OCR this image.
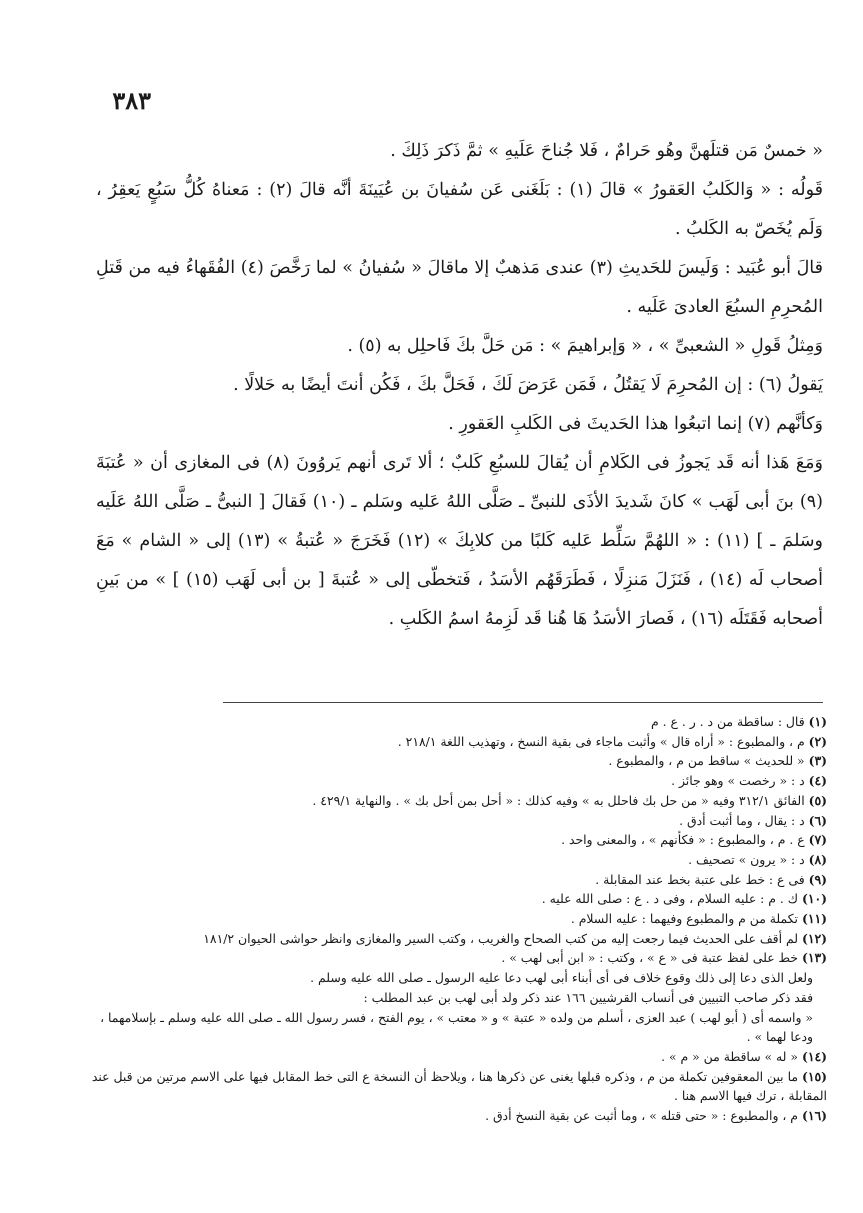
٣٨٣

« خمسٌ مَن قتلَهنَّ وهُو حَرامٌ ، فَلا جُناحَ عَلَيهِ » ثمَّ ذَكرَ ذَلِكَ .

قَولُه : « وَالكَلبُ العَقورُ » قالَ (١) : بَلَغَنى عَن سُفيانَ بن عُيَينَةَ أنَّه قالَ (٢) : مَعناهُ كُلُّ سَبُعٍ يَعقِرُ ، وَلَم يُخَصّ به الكَلبُ .

قالَ أبو عُبَيد : وَلَيسَ للحَديثِ (٣) عندى مَذهبٌ إلا ماقالَ « سُفيانُ » لما رَخَّصَ (٤) الفُقَهاءُ فيه من قَتلِ المُحرِمِ السبُعَ العادىَ عَلَيه .

وَمِثلُ قَولِ « الشعبىِّ » ، « وَإبراهيمَ » : مَن حَلَّ بكَ فَاحلِل به (٥) .

يَقولُ (٦) : إن المُحرِمَ لَا يَقتُلُ ، فَمَن عَرَضَ لَكَ ، فَحَلَّ بكَ ، فَكُن أنتَ أيضًا به حَلالًا .

وَكأنَّهم (٧) إنما اتبعُوا هذا الحَديثَ فى الكَلبِ العَقورِ .

وَمَعَ هَذا أنه قَد يَجوزُ فى الكَلامِ أن يُقالَ للسبُعِ كَلبٌ ؛ ألا تَرى أنهم يَروُونَ (٨) فى المغازى أن « عُتبَةَ (٩) بنَ أبى لَهَب » كانَ شَديدَ الأذَى للنبىِّ ـ صَلَّى اللهُ عَليه وسَلم ـ (١٠) فَقالَ [ النبىُّ ـ صَلَّى اللهُ عَلَيه وسَلمَ ـ ] (١١) : « اللهُمَّ سَلِّط عَليه كَلبًا من كلابِكَ » (١٢) فَخَرَجَ « عُتبةُ » (١٣) إلى « الشام » مَعَ أصحاب لَه (١٤) ، فَنَزَلَ مَنزِلًا ، فَطَرَقَهُم الأسَدُ ، فَتخطّى إلى « عُتبةَ [ بن أبى لَهَب (١٥) ] » من بَينِ أصحابه فَقَتَلَه (١٦) ، فَصارَ الأسَدُ هَا هُنا قَد لَزِمهُ اسمُ الكَلبِ .

(١) قال : ساقطة من د . ر . ع . م

(٢) م ، والمطبوع : « أراه قال » وأثبت ماجاء فى بقية النسخ ، وتهذيب اللغة ٢١٨/١ .

(٣) « للحديث » ساقط من م ، والمطبوع .

(٤) د : « رخصت » وهو جائز .

(٥) الفائق ٣١٢/١ وفيه « من حل بك فاحلل به » وفيه كذلك : « أحل بمن أحل بك » . والنهاية ٤٢٩/١ .

(٦) د : يقال ، وما أثبت أدق .

(٧) ع . م ، والمطبوع : « فكأنهم » ، والمعنى واحد .

(٨) د : « يرون » تصحيف .

(٩) فى ع : خط على عتبة بخط عند المقابلة .

(١٠) ك . م : عليه السلام ، وفى د . ع : صلى الله عليه .

(١١) تكملة من م والمطبوع وفيهما : عليه السلام .

(١٢) لم أقف على الحديث فيما رجعت إليه من كتب الصحاح والغريب ، وكتب السير والمغازى وانظر حواشى الحيوان ١٨١/٢

(١٣) خط على لفظ عتبة فى « ع » ، وكتب : « ابن أبى لهب » .

ولعل الذى دعا إلى ذلك وقوع خلاف فى أى أبناء أبى لهب دعا عليه الرسول ـ صلى الله عليه وسلم .

فقد ذكر صاحب التبيين فى أنساب القرشيين ١٦٦ عند ذكر ولد أبى لهب بن عبد المطلب :

« واسمه أى ( أبو لهب ) عبد العزى ، أسلم من ولده « عتبة » و « معتب » ، يوم الفتح ، فسر رسول الله ـ صلى الله عليه وسلم ـ بإسلامهما ، ودعا لهما » .

(١٤) « له » ساقطة من « م » .

(١٥) ما بين المعقوفين تكملة من م ، وذكره قبلها يغنى عن ذكرها هنا ، ويلاحظ أن النسخة ع التى خط المقابل فيها على الاسم مرتين من قبل عند المقابلة ، ترك فيها الاسم هنا .

(١٦) م ، والمطبوع : « حتى قتله » ، وما أثبت عن بقية النسخ أدق .
